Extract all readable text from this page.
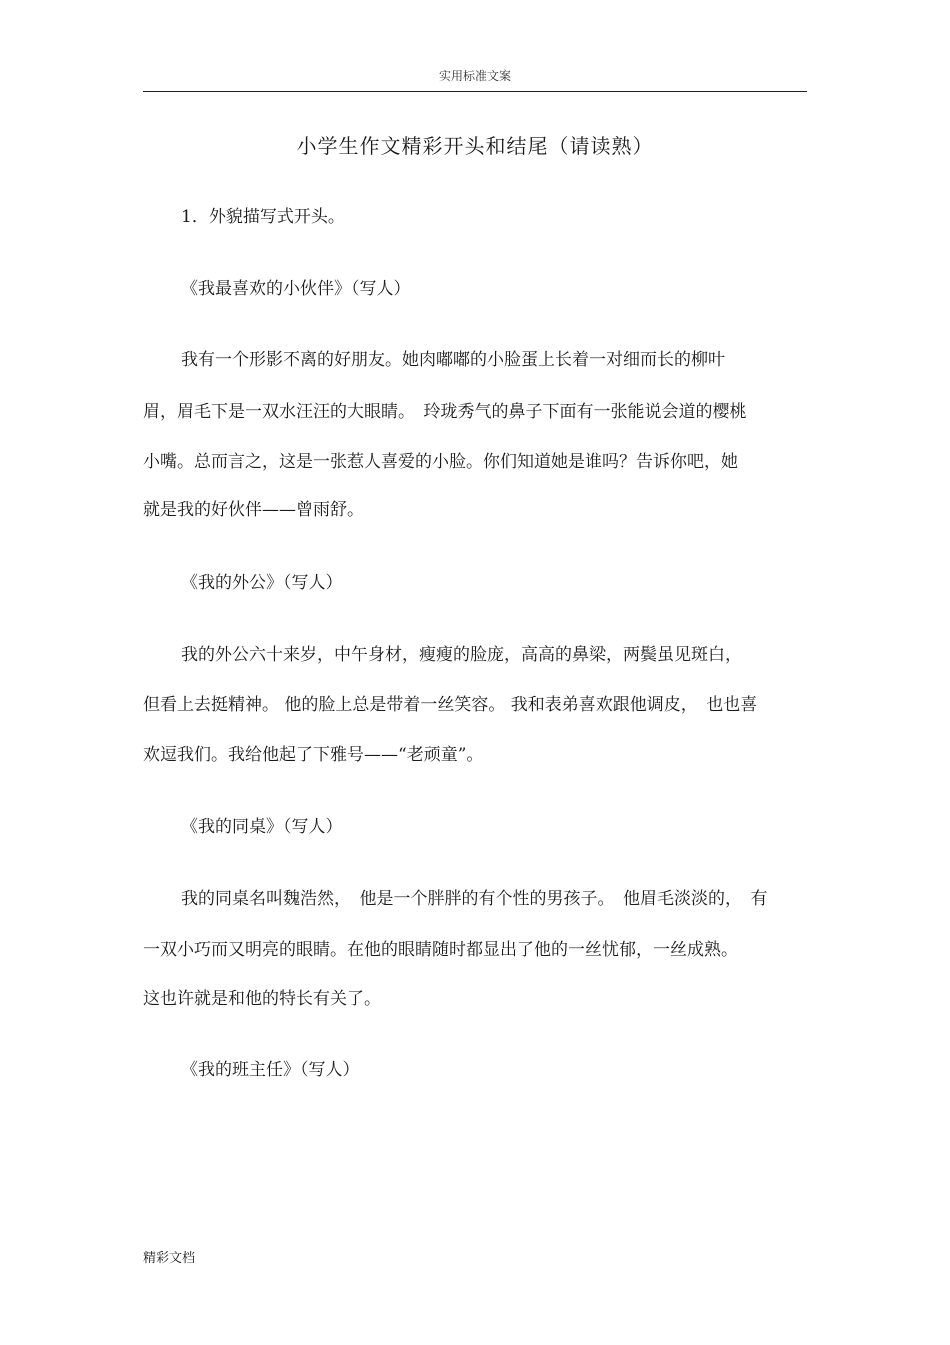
实用标准文案
小学生作文精彩开头和结尾（请读熟）
1．外貌描写式开头。
《我最喜欢的小伙伴》（写人）
我有一个形影不离的好朋友。她肉嘟嘟的小脸蛋上长着一对细而长的柳叶
眉，眉毛下是一双水汪汪的大眼睛。　玲珑秀气的鼻子下面有一张能说会道的樱桃
小嘴。总而言之，这是一张惹人喜爱的小脸。你们知道她是谁吗？告诉你吧，她
就是我的好伙伴——曾雨舒。
《我的外公》（写人）
我的外公六十来岁，中午身材，瘦瘦的脸庞，高高的鼻梁，两鬓虽见斑白，
但看上去挺精神。 他的脸上总是带着一丝笑容。 我和表弟喜欢跟他调皮，　也也喜
欢逗我们。我给他起了下雅号——“老顽童”。
《我的同桌》（写人）
我的同桌名叫魏浩然，　他是一个胖胖的有个性的男孩子。　他眉毛淡淡的，　有
一双小巧而又明亮的眼睛。在他的眼睛随时都显出了他的一丝忧郁，一丝成熟。
这也许就是和他的特长有关了。
《我的班主任》（写人）
精彩文档
